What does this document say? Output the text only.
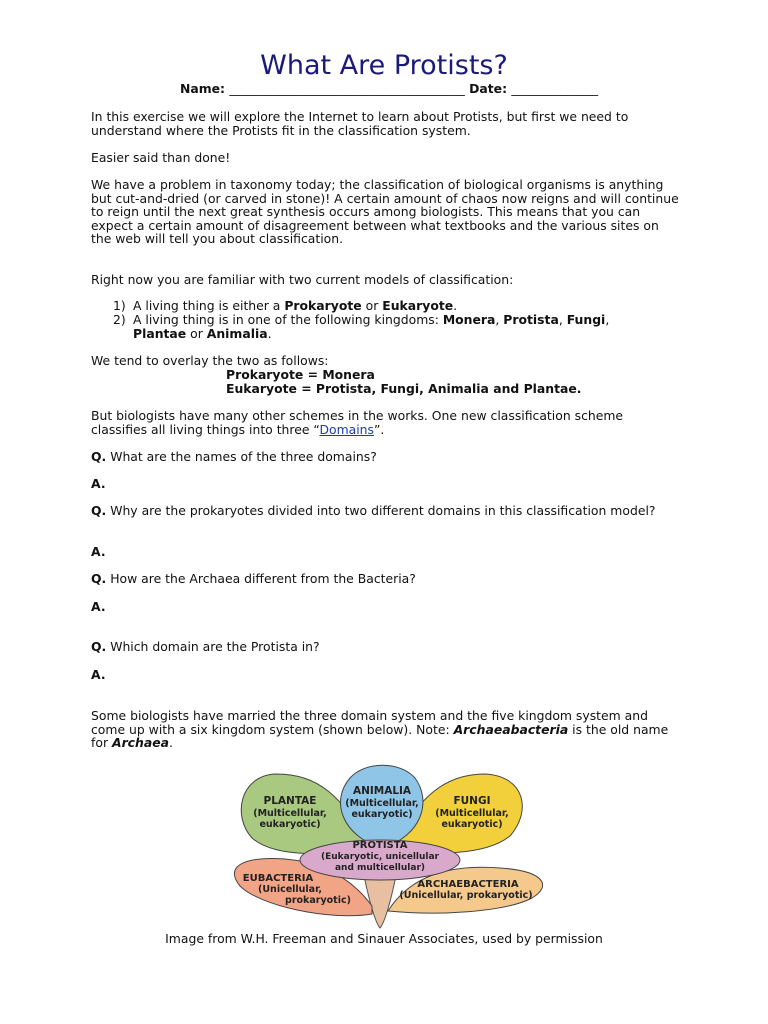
What Are Protists?
Name: ______________________________________ Date: ______________

In this exercise we will explore the Internet to learn about Protists, but first we need to understand where the Protists fit in the classification system.

Easier said than done!

We have a problem in taxonomy today; the classification of biological organisms is anything but cut-and-dried (or carved in stone)! A certain amount of chaos now reigns and will continue to reign until the next great synthesis occurs among biologists. This means that you can expect a certain amount of disagreement between what textbooks and the various sites on the web will tell you about classification.

Right now you are familiar with two current models of classification:

1) A living thing is either a Prokaryote or Eukaryote.
2) A living thing is in one of the following kingdoms: Monera, Protista, Fungi,
Plantae or Animalia.

We tend to overlay the two as follows:

Prokaryote = Monera
Eukaryote = Protista, Fungi, Animalia and Plantae.

But biologists have many other schemes in the works. One new classification scheme classifies all living things into three “Domains”.

Q. What are the names of the three domains?

A.

Q. Why are the prokaryotes divided into two different domains in this classification model?

A.

Q. How are the Archaea different from the Bacteria?

A.

Q. Which domain are the Protista in?

A.

Some biologists have married the three domain system and the five kingdom system and come up with a six kingdom system (shown below). Note: Archaeabacteria is the old name for Archaea.

PLANTAE
(Multicellular,
eukaryotic)
ANIMALIA
(Multicellular,
eukaryotic)
FUNGI
(Multicellular,
eukaryotic)
PROTISTA
(Eukaryotic, unicellular
and multicellular)
EUBACTERIA
(Unicellular,
prokaryotic)
ARCHAEBACTERIA
(Unicellular, prokaryotic)
Image from W.H. Freeman and Sinauer Associates, used by permission
